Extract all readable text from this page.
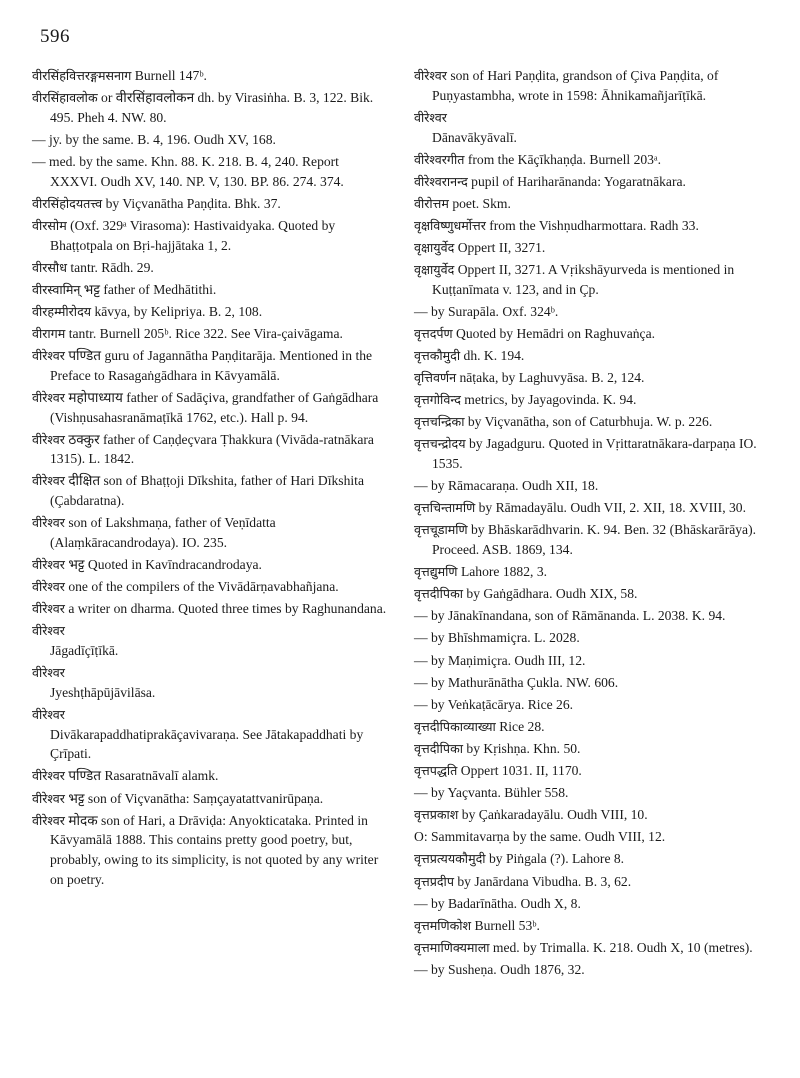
596

वीरसिंहवित्तरङ्गमसनाग Burnell 147ᵇ.

वीरसिंहावलोक or वीरसिंहावलोकन dh. by Virasiṅha. B. 3, 122. Bik. 495. Pheh 4. NW. 80.

— jy. by the same. B. 4, 196. Oudh XV, 168.

— med. by the same. Khn. 88. K. 218. B. 4, 240. Report XXXVI. Oudh XV, 140. NP. V, 130. BP. 86. 274. 374.

वीरसिंहोदयतत्त्व by Viçvanātha Paṇḍita. Bhk. 37.

वीरसोम (Oxf. 329ᵃ Virasoma): Hastivaidyaka. Quoted by Bhaṭṭotpala on Bṛi-hajjātaka 1, 2.

वीरसौध tantr. Rādh. 29.

वीरस्वामिन् भट्ट father of Medhātithi.

वीरहम्मीरोदय kāvya, by Kelipriya. B. 2, 108.

वीरागम tantr. Burnell 205ᵇ. Rice 322. See Vira-çaivāgama.

वीरेश्वर पण्डित guru of Jagannātha Paṇḍitarāja. Mentioned in the Preface to Rasagaṅgādhara in Kāvyamālā.

वीरेश्वर महोपाध्याय father of Sadāçiva, grandfather of Gaṅgādhara (Vishṇusahasranāmaṭīkā 1762, etc.). Hall p. 94.

वीरेश्वर ठक्कुर father of Caṇḍeçvara Ṭhakkura (Vivāda-ratnākara 1315). L. 1842.

वीरेश्वर दीक्षित son of Bhaṭṭoji Dīkshita, father of Hari Dīkshita (Çabdaratna).

वीरेश्वर son of Lakshmaṇa, father of Veṇīdatta (Alaṃkāracandrodaya). IO. 235.

वीरेश्वर भट्ट Quoted in Kavīndracandrodaya.

वीरेश्वर one of the compilers of the Vivādārṇavabhañjana.

वीरेश्वर a writer on dharma. Quoted three times by Raghunandana.

वीरेश्वर
Jāgadīçīṭīkā.

वीरेश्वर
Jyeshṭhāpūjāvilāsa.

वीरेश्वर
Divākarapaddhatiprakāçavivaraṇa. See Jātakapaddhati by Çrīpati.

वीरेश्वर पण्डित Rasaratnāvalī alamk.

वीरेश्वर भट्ट son of Viçvanātha: Saṃçayatattvanirūpaṇa.

वीरेश्वर मोदक son of Hari, a Drāviḍa: Anyokticataka. Printed in Kāvyamālā 1888. This contains pretty good poetry, but, probably, owing to its simplicity, is not quoted by any writer on poetry.

वीरेश्वर son of Hari Paṇḍita, grandson of Çiva Paṇḍita, of Puṇyastambha, wrote in 1598: Āhnikamañjarīṭīkā.

वीरेश्वर
Dānavākyāvalī.

वीरेश्वरगीत from the Kāçīkhaṇḍa. Burnell 203ᵃ.

वीरेश्वरानन्द pupil of Hariharānanda: Yogaratnākara.

वीरोत्तम poet. Skm.

वृक्षविष्णुधर्मोत्तर from the Vishṇudharmottara. Radh 33.

वृक्षायुर्वेद Oppert II, 3271.

वृक्षायुर्वेद Oppert II, 3271. A Vṛikshāyurveda is mentioned in Kuṭṭanīmata v. 123, and in Çp.

— by Surapāla. Oxf. 324ᵇ.

वृत्तदर्पण Quoted by Hemādri on Raghuvaṅça.

वृत्तकौमुदी dh. K. 194.

वृत्तिवर्णन nāṭaka, by Laghuvyāsa. B. 2, 124.

वृत्तगोविन्द metrics, by Jayagovinda. K. 94.

वृत्तचन्द्रिका by Viçvanātha, son of Caturbhuja. W. p. 226.

वृत्तचन्द्रोदय by Jagadguru. Quoted in Vṛittaratnākara-darpaṇa IO. 1535.

— by Rāmacaraṇa. Oudh XII, 18.

वृत्तचिन्तामणि by Rāmadayālu. Oudh VII, 2. XII, 18. XVIII, 30.

वृत्तचूडामणि by Bhāskarādhvarin. K. 94. Ben. 32 (Bhāskarārāya). Proceed. ASB. 1869, 134.

वृत्तद्युमणि Lahore 1882, 3.

वृत्तदीपिका by Gaṅgādhara. Oudh XIX, 58.

— by Jānakīnandana, son of Rāmānanda. L. 2038. K. 94.

— by Bhīshmamiçra. L. 2028.

— by Maṇimiçra. Oudh III, 12.

— by Mathurānātha Çukla. NW. 606.

— by Veṅkaṭācārya. Rice 26.

वृत्तदीपिकाव्याख्या Rice 28.

वृत्तदीपिका by Kṛishṇa. Khn. 50.

वृत्तपद्धति Oppert 1031. II, 1170.

— by Yaçvanta. Bühler 558.

वृत्तप्रकाश by Çaṅkaradayālu. Oudh VIII, 10.

O: Sammitavarṇa by the same. Oudh VIII, 12.

वृत्तप्रत्ययकौमुदी by Piṅgala (?). Lahore 8.

वृत्तप्रदीप by Janārdana Vibudha. B. 3, 62.

— by Badarīnātha. Oudh X, 8.

वृत्तमणिकोश Burnell 53ᵇ.

वृत्तमाणिक्यमाला med. by Trimalla. K. 218. Oudh X, 10 (metres).

— by Susheṇa. Oudh 1876, 32.
